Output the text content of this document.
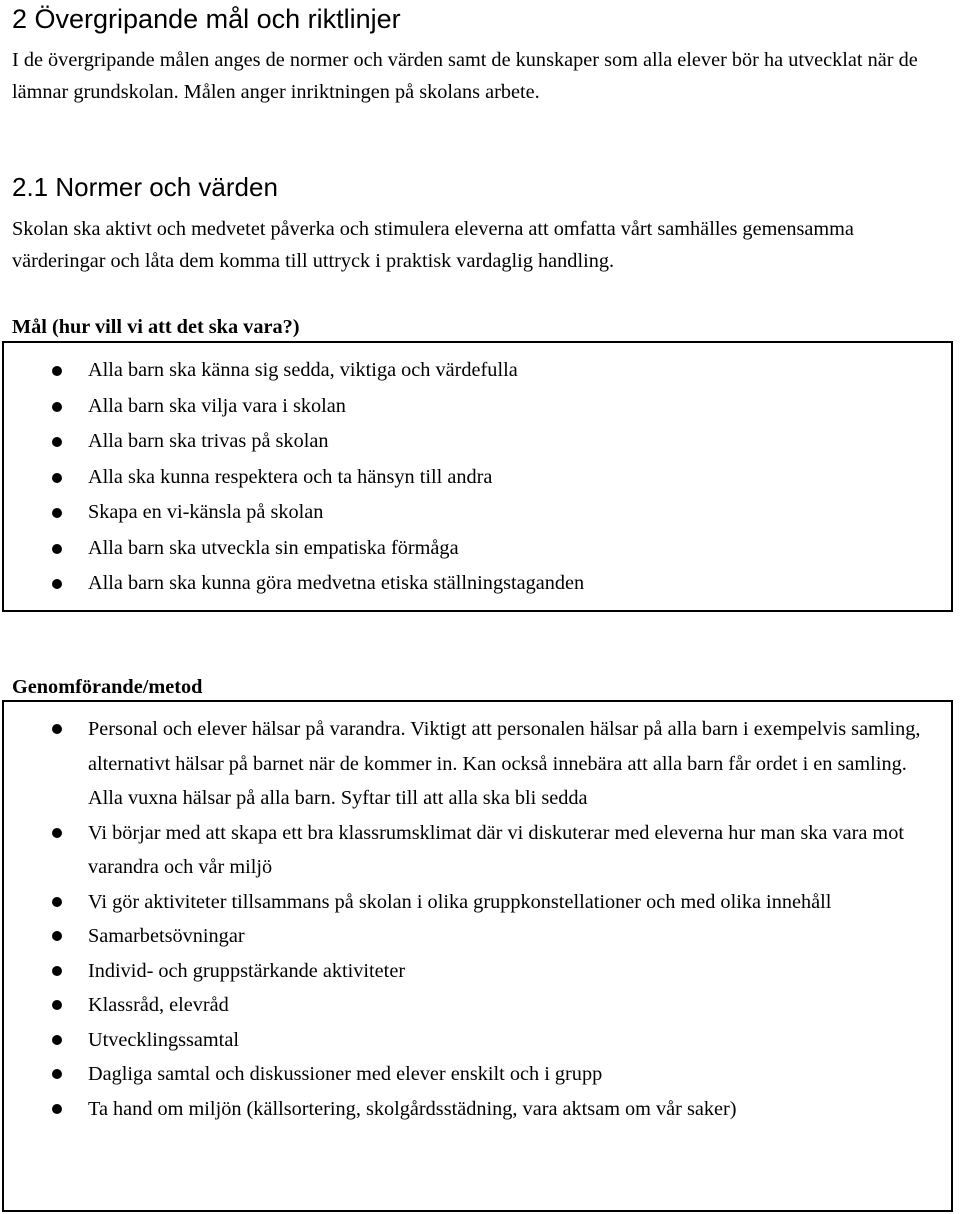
2 Övergripande mål och riktlinjer

I de övergripande målen anges de normer och värden samt de kunskaper som alla elever bör ha utvecklat när de lämnar grundskolan. Målen anger inriktningen på skolans arbete.

2.1 Normer och värden

Skolan ska aktivt och medvetet påverka och stimulera eleverna att omfatta vårt samhälles gemensamma värderingar och låta dem komma till uttryck i praktisk vardaglig handling.

Mål (hur vill vi att det ska vara?)

Alla barn ska känna sig sedda, viktiga och värdefulla
Alla barn ska vilja vara i skolan
Alla barn ska trivas på skolan
Alla ska kunna respektera och ta hänsyn till andra
Skapa en vi-känsla på skolan
Alla barn ska utveckla sin empatiska förmåga
Alla barn ska kunna göra medvetna etiska ställningstaganden

Genomförande/metod

Personal och elever hälsar på varandra. Viktigt att personalen hälsar på alla barn i exempelvis samling, alternativt hälsar på barnet när de kommer in. Kan också innebära att alla barn får ordet i en samling. Alla vuxna hälsar på alla barn. Syftar till att alla ska bli sedda
Vi börjar med att skapa ett bra klassrumsklimat där vi diskuterar med eleverna hur man ska vara mot varandra och vår miljö
Vi gör aktiviteter tillsammans på skolan i olika gruppkonstellationer och med olika innehåll
Samarbetsövningar
Individ- och gruppstärkande aktiviteter
Klassråd, elevråd
Utvecklingssamtal
Dagliga samtal och diskussioner med elever enskilt och i grupp
Ta hand om miljön (källsortering, skolgårdsstädning, vara aktsam om vår saker)
